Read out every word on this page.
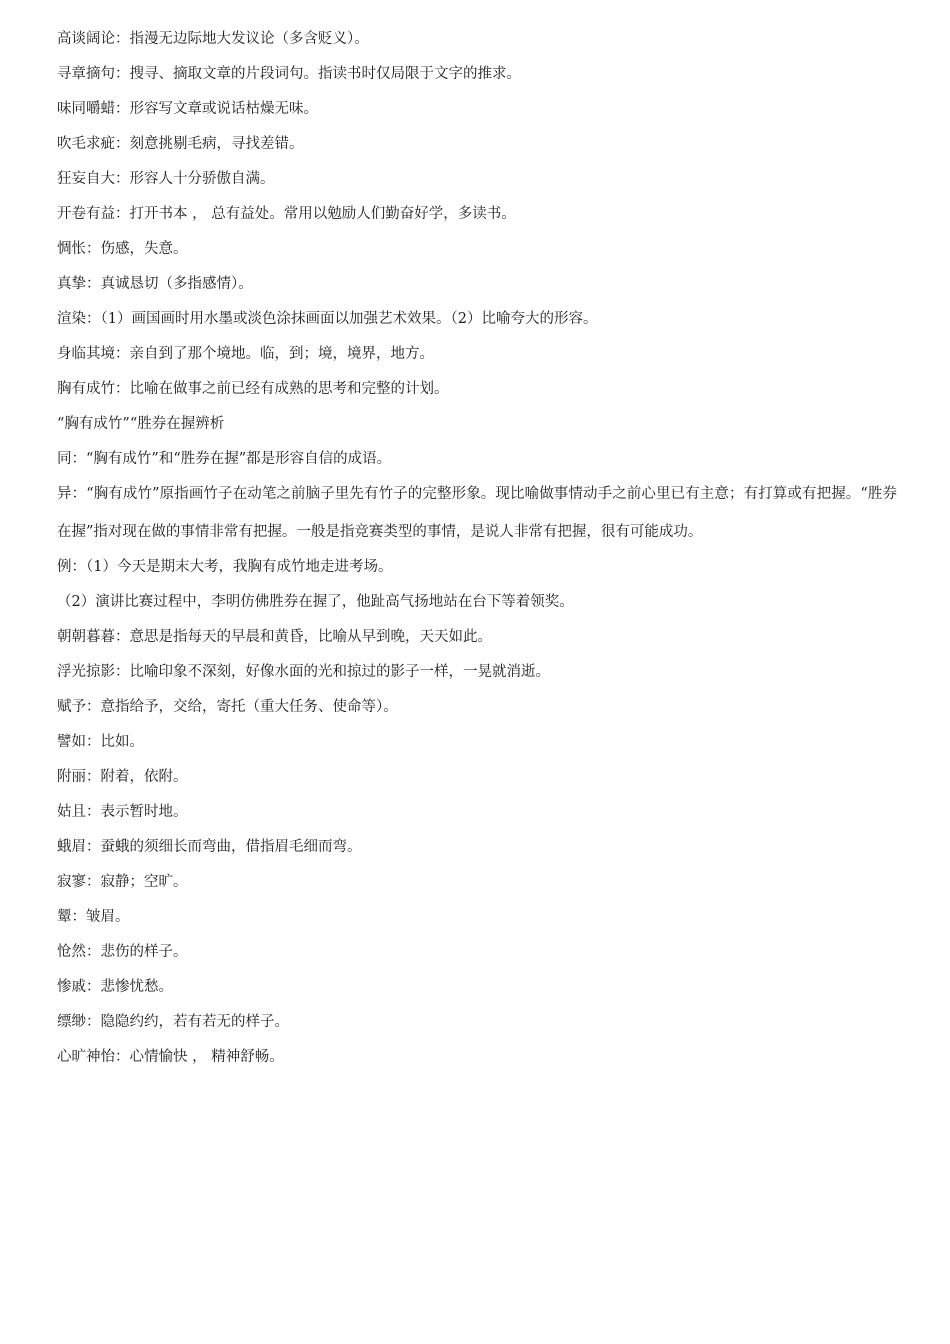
高谈阔论：指漫无边际地大发议论（多含贬义）。
寻章摘句：搜寻、摘取文章的片段词句。指读书时仅局限于文字的推求。
味同嚼蜡：形容写文章或说话枯燥无味。
吹毛求疵：刻意挑剔毛病，寻找差错。
狂妄自大：形容人十分骄傲自满。
开卷有益：打开书本 ， 总有益处。常用以勉励人们勤奋好学，多读书。
惆怅：伤感，失意。
真挚：真诚恳切（多指感情）。
渲染：（1）画国画时用水墨或淡色涂抹画面以加强艺术效果。（2）比喻夸大的形容。
身临其境：亲自到了那个境地。临，到；境，境界，地方。
胸有成竹：比喻在做事之前已经有成熟的思考和完整的计划。
“胸有成竹”“胜券在握辨析
同：“胸有成竹”和“胜券在握”都是形容自信的成语。
异：“胸有成竹”原指画竹子在动笔之前脑子里先有竹子的完整形象。现比喻做事情动手之前心里已有主意；有打算或有把握。“胜券在握”指对现在做的事情非常有把握。一般是指竞赛类型的事情，是说人非常有把握，很有可能成功。
例：（1）今天是期末大考，我胸有成竹地走进考场。
（2）演讲比赛过程中，李明仿佛胜券在握了，他趾高气扬地站在台下等着领奖。
朝朝暮暮：意思是指每天的早晨和黄昏，比喻从早到晚，天天如此。
浮光掠影：比喻印象不深刻，好像水面的光和掠过的影子一样，一晃就消逝。
赋予：意指给予，交给，寄托（重大任务、使命等）。
譬如：比如。
附丽：附着，依附。
姑且：表示暂时地。
蛾眉：蚕蛾的须细长而弯曲，借指眉毛细而弯。
寂寥：寂静；空旷。
颦：皱眉。
怆然：悲伤的样子。
惨戚：悲惨忧愁。
缥缈：隐隐约约，若有若无的样子。
心旷神怡：心情愉快 ， 精神舒畅。
